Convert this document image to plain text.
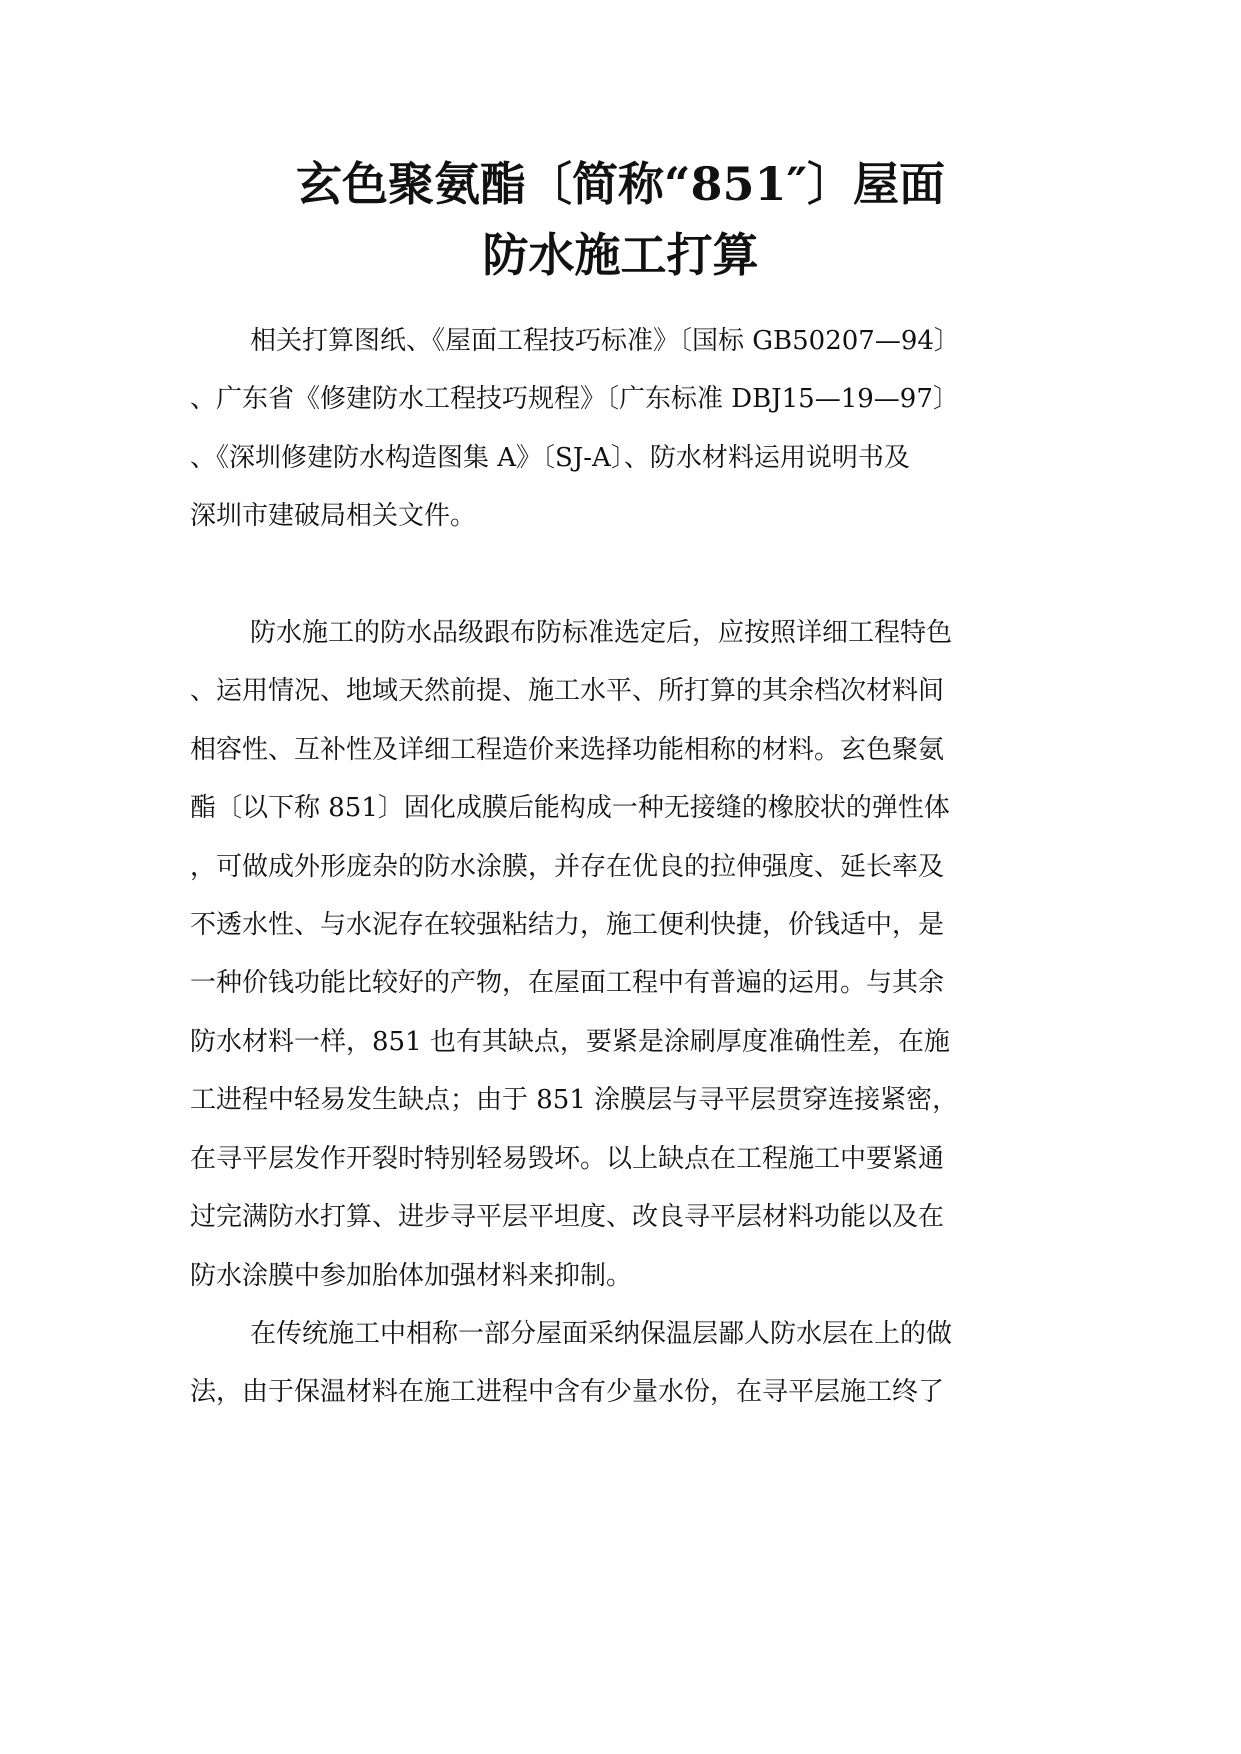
玄色聚氨酯〔简称“851″〕屋面
防水施工打算
相关打算图纸、《屋面工程技巧标准》〔国标 GB50207—94〕
、广东省《修建防水工程技巧规程》〔广东标准 DBJ15—19—97〕
、《深圳修建防水构造图集 A》〔SJ-A〕、防水材料运用说明书及
深圳市建破局相关文件。
防水施工的防水品级跟布防标准选定后，应按照详细工程特色
、运用情况、地域天然前提、施工水平、所打算的其余档次材料间
相容性、互补性及详细工程造价来选择功能相称的材料。玄色聚氨
酯〔以下称 851〕固化成膜后能构成一种无接缝的橡胶状的弹性体
，可做成外形庞杂的防水涂膜，并存在优良的拉伸强度、延长率及
不透水性、与水泥存在较强粘结力，施工便利快捷，价钱适中，是
一种价钱功能比较好的产物，在屋面工程中有普遍的运用。与其余
防水材料一样，851 也有其缺点，要紧是涂刷厚度准确性差，在施
工进程中轻易发生缺点；由于 851 涂膜层与寻平层贯穿连接紧密，
在寻平层发作开裂时特别轻易毁坏。以上缺点在工程施工中要紧通
过完满防水打算、进步寻平层平坦度、改良寻平层材料功能以及在
防水涂膜中参加胎体加强材料来抑制。
在传统施工中相称一部分屋面采纳保温层鄙人防水层在上的做
法，由于保温材料在施工进程中含有少量水份，在寻平层施工终了
